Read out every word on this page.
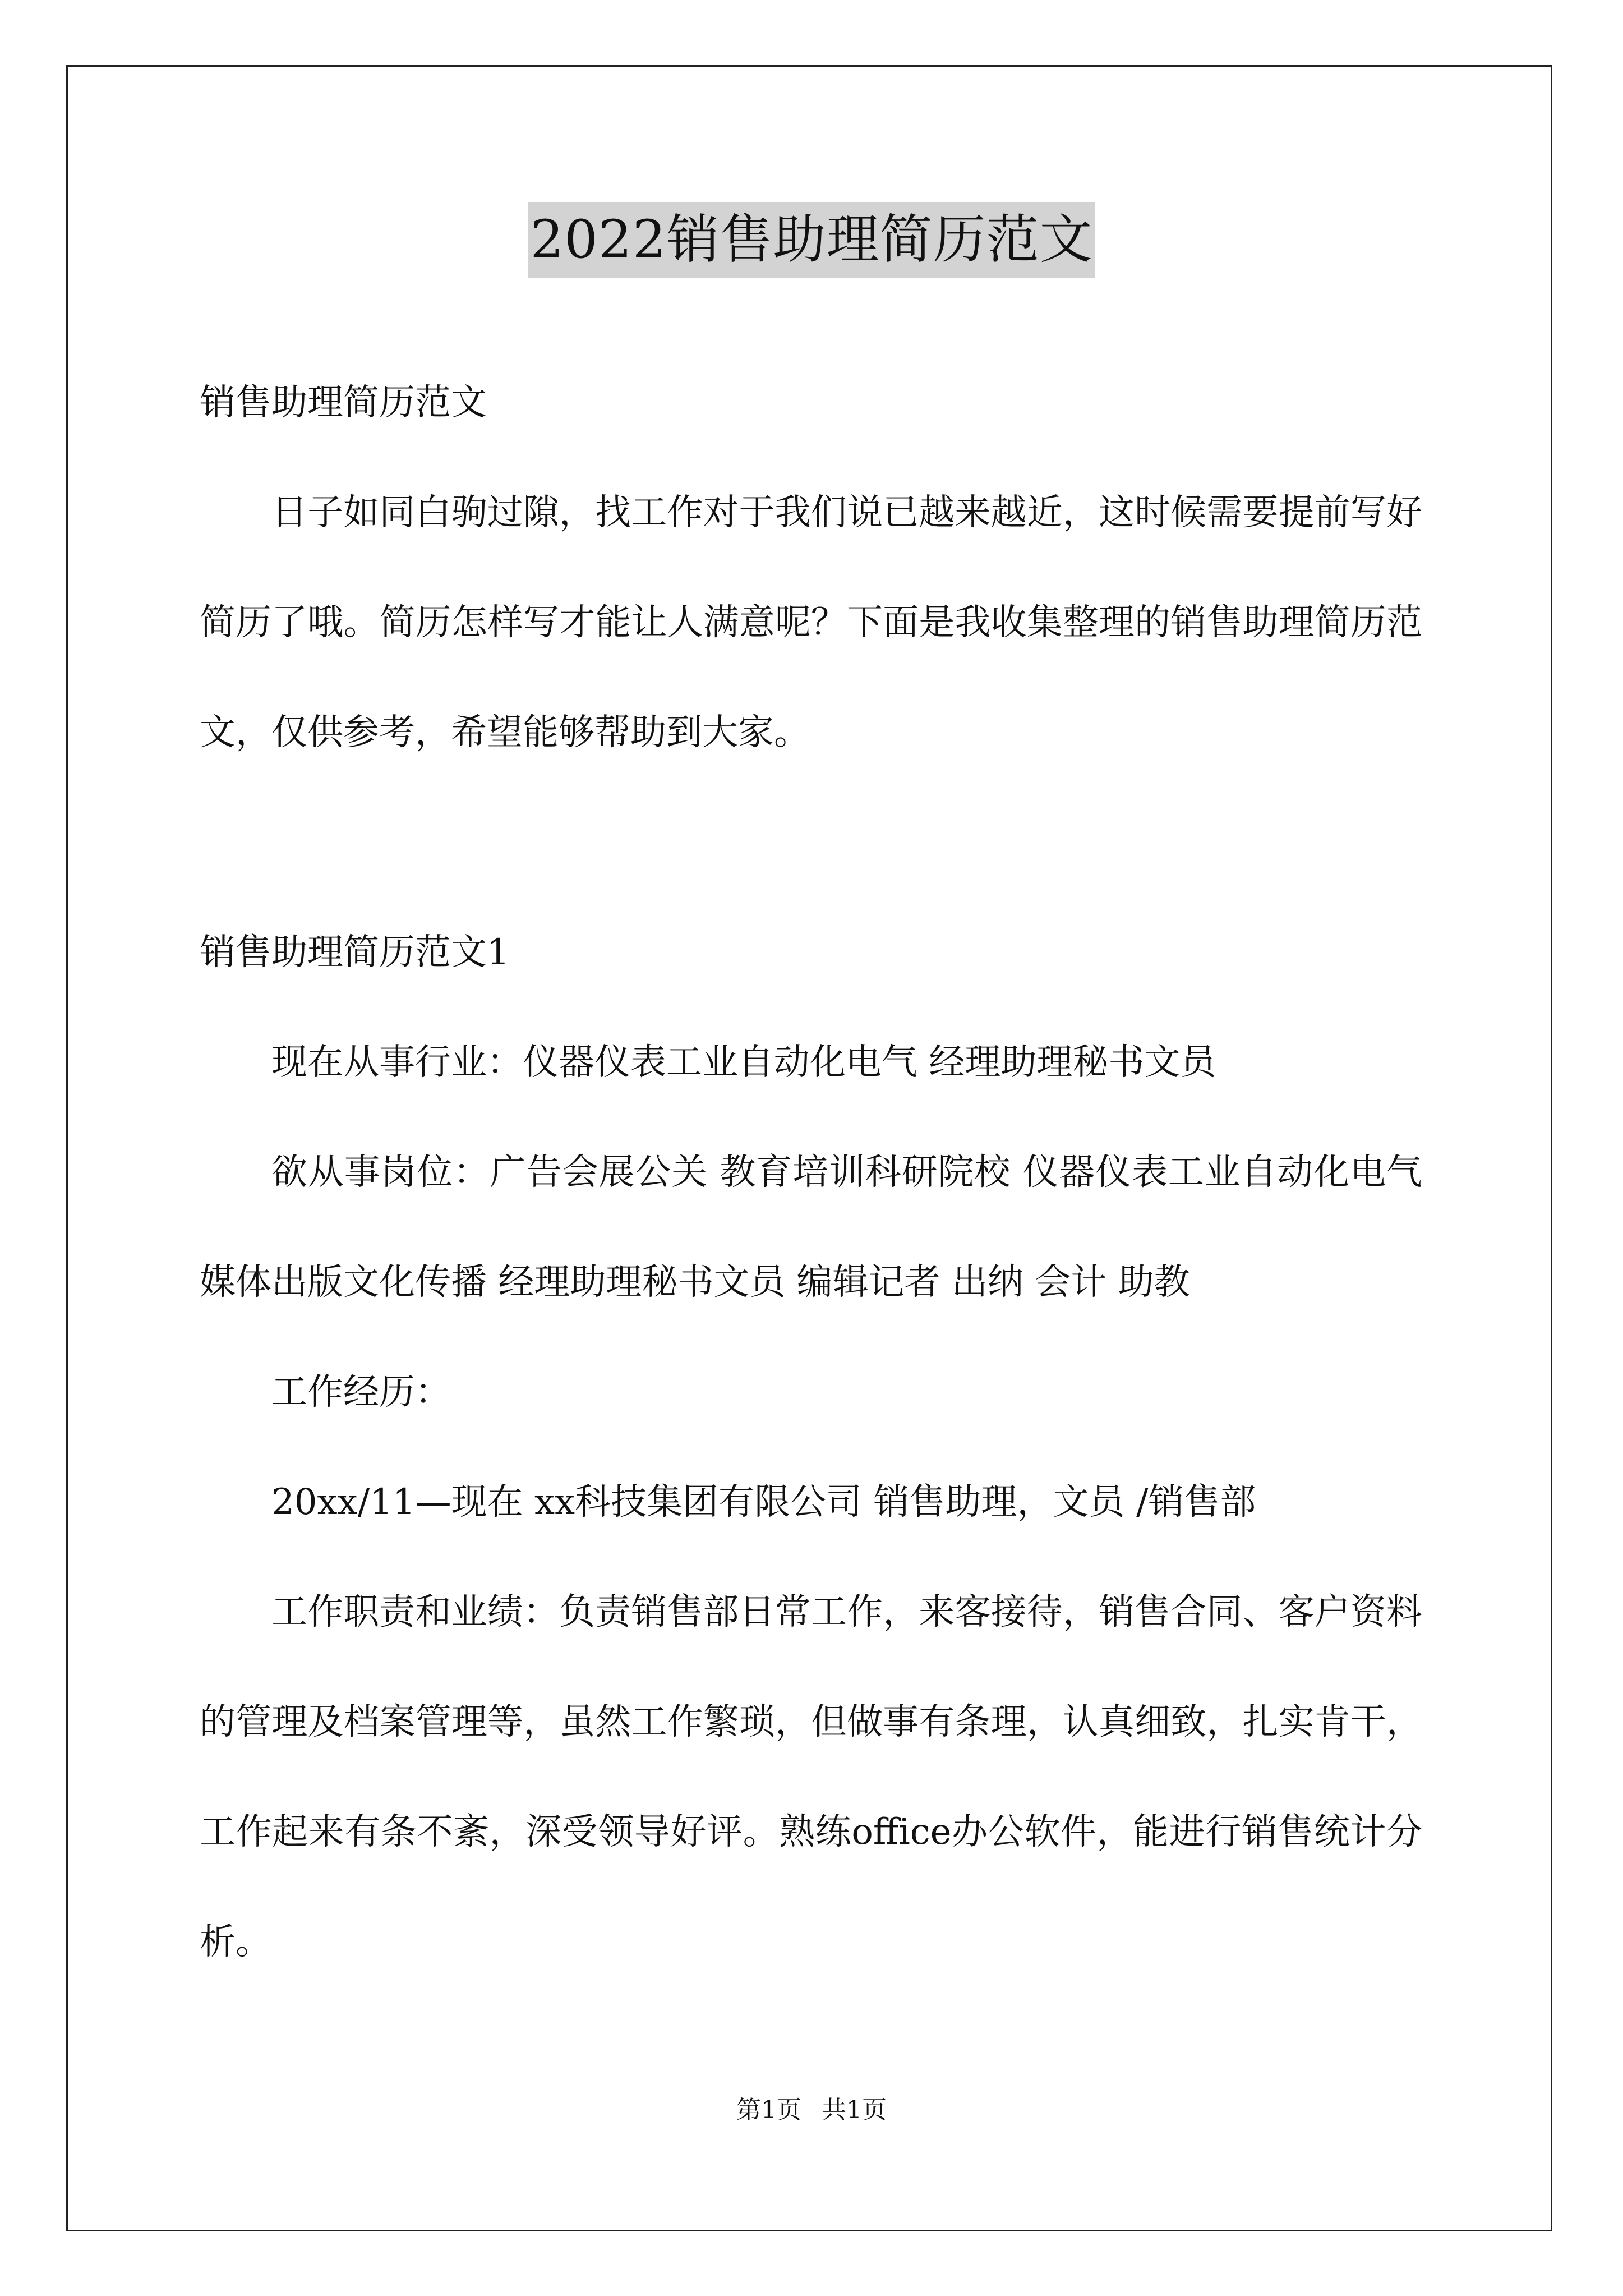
2022销售助理简历范文

销售助理简历范文

日子如同白驹过隙，找工作对于我们说已越来越近，这时候需要提前写好简历了哦。简历怎样写才能让人满意呢？下面是我收集整理的销售助理简历范文，仅供参考，希望能够帮助到大家。

销售助理简历范文1

现在从事行业：仪器仪表工业自动化电气 经理助理秘书文员

欲从事岗位：广告会展公关 教育培训科研院校 仪器仪表工业自动化电气 媒体出版文化传播 经理助理秘书文员 编辑记者 出纳 会计 助教

工作经历：

20xx/11—现在 xx科技集团有限公司 销售助理，文员 /销售部

工作职责和业绩：负责销售部日常工作，来客接待，销售合同、客户资料的管理及档案管理等，虽然工作繁琐，但做事有条理，认真细致，扎实肯干，工作起来有条不紊，深受领导好评。熟练office办公软件，能进行销售统计分析。

第1页 共1页
